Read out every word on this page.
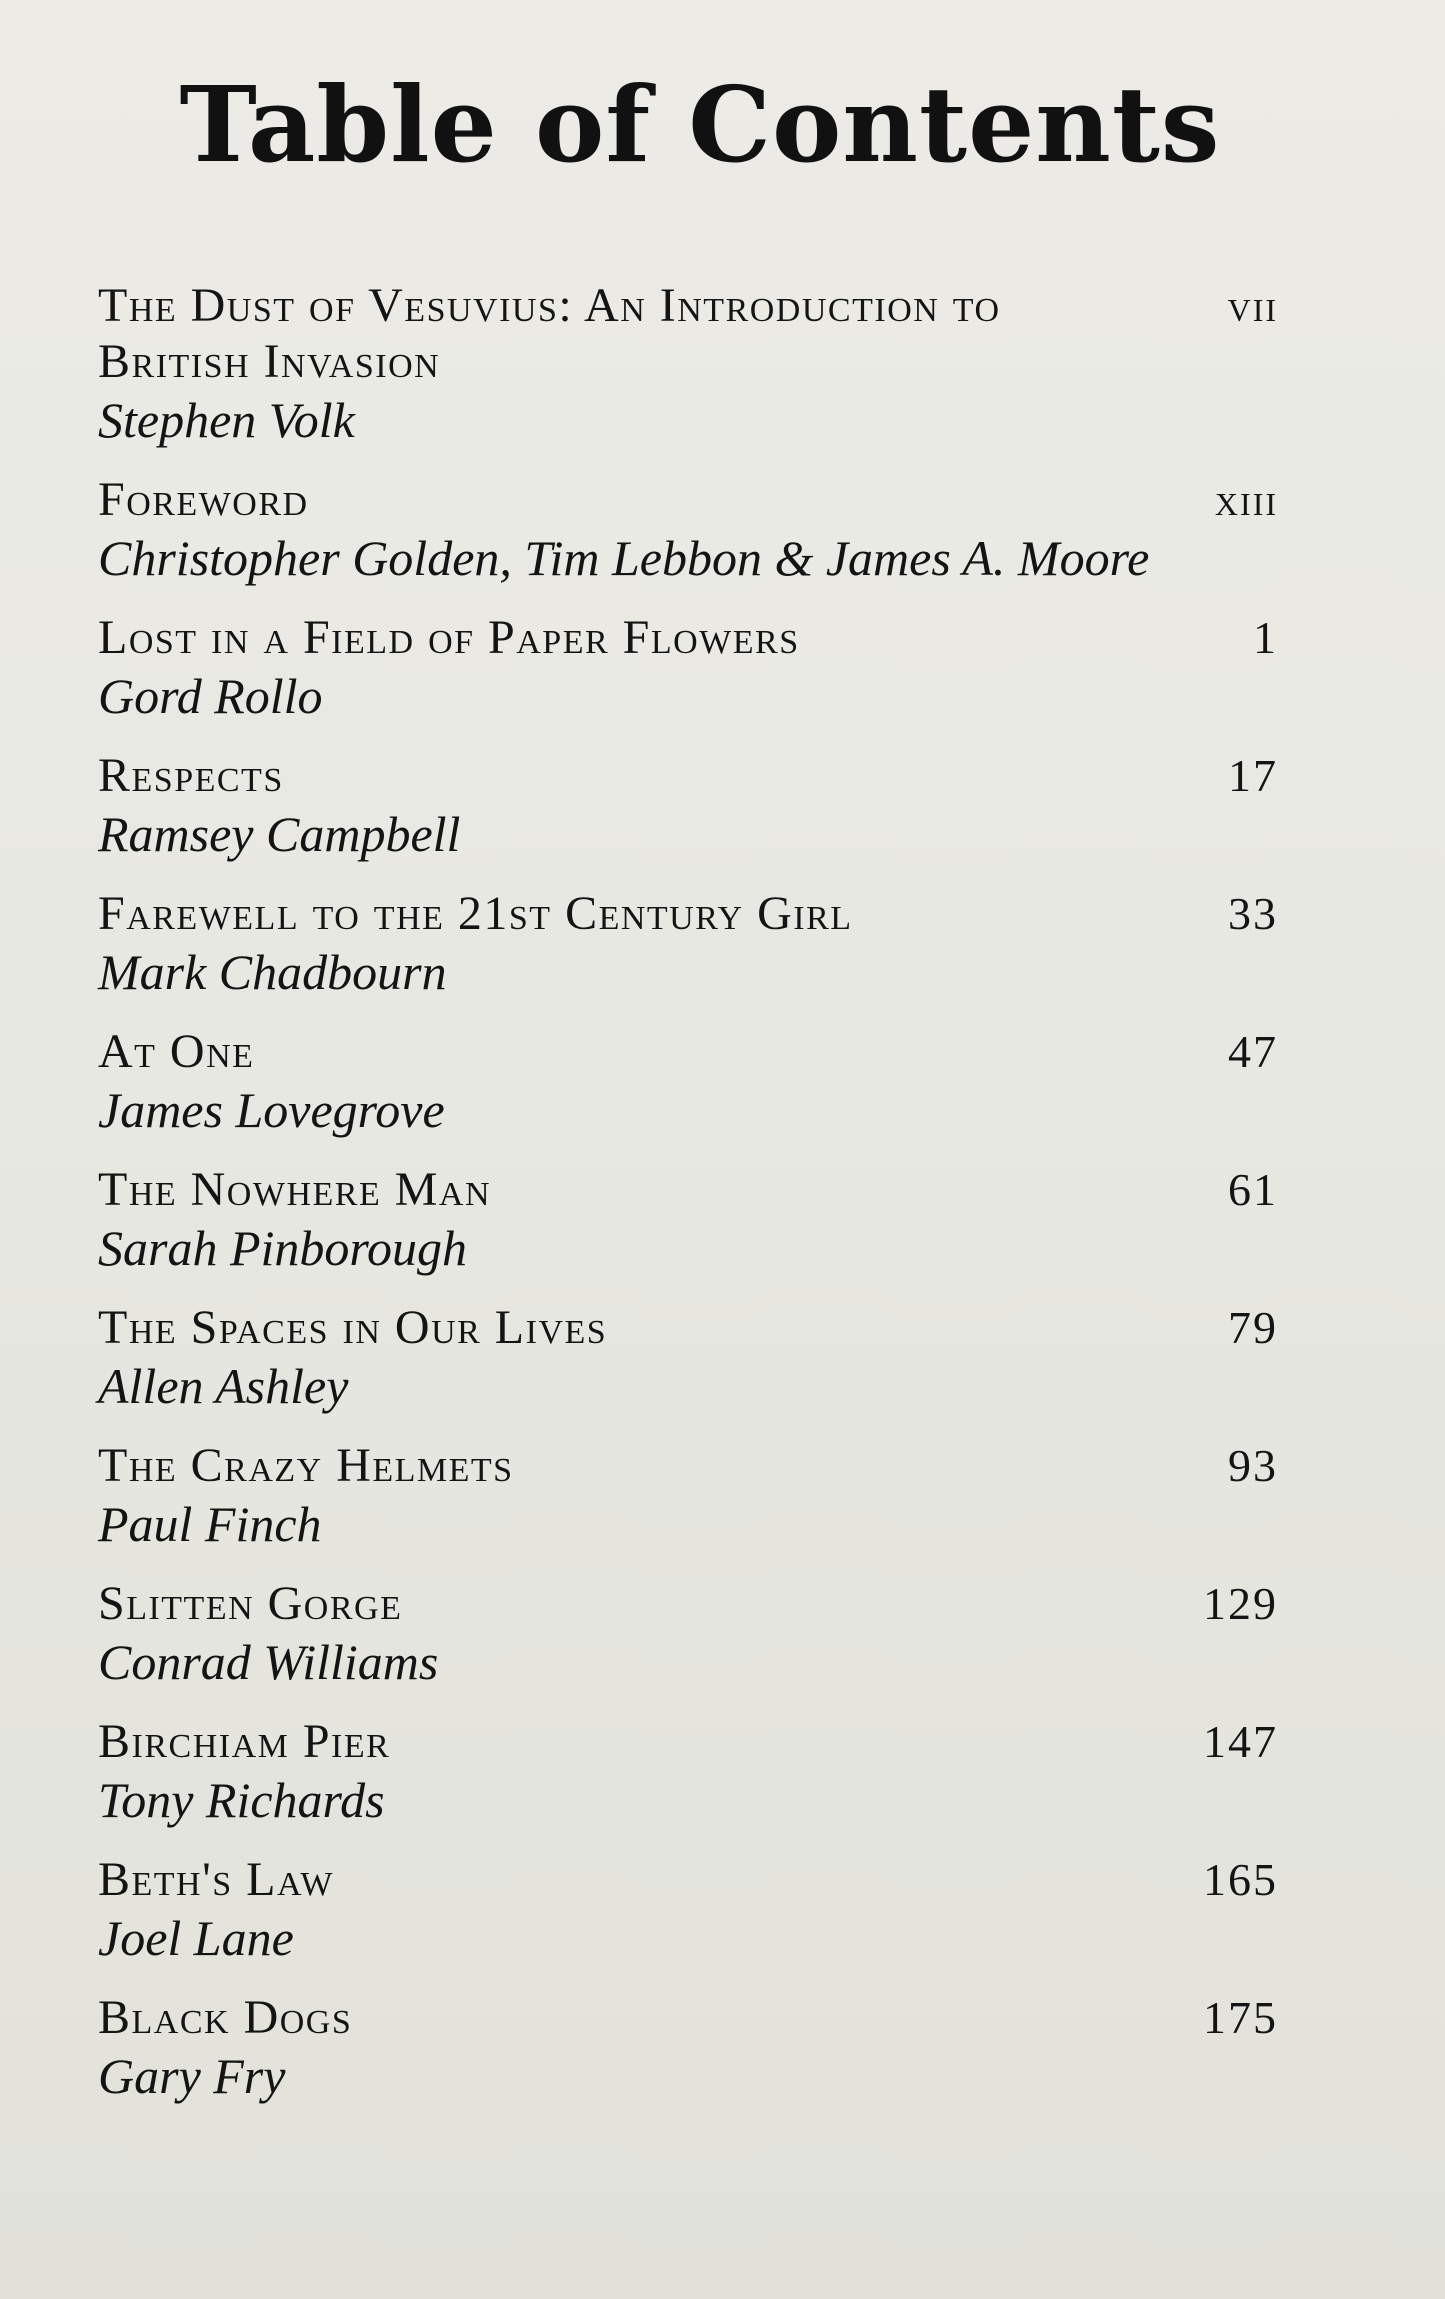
Table of Contents
The Dust of Vesuvius: An Introduction to British Invasion
Stephen Volk
vii
Foreword
Christopher Golden, Tim Lebbon & James A. Moore
xiii
Lost in a Field of Paper Flowers
Gord Rollo
1
Respects
Ramsey Campbell
17
Farewell to the 21st Century Girl
Mark Chadbourn
33
At One
James Lovegrove
47
The Nowhere Man
Sarah Pinborough
61
The Spaces in Our Lives
Allen Ashley
79
The Crazy Helmets
Paul Finch
93
Slitten Gorge
Conrad Williams
129
Birchiam Pier
Tony Richards
147
Beth's Law
Joel Lane
165
Black Dogs
Gary Fry
175
